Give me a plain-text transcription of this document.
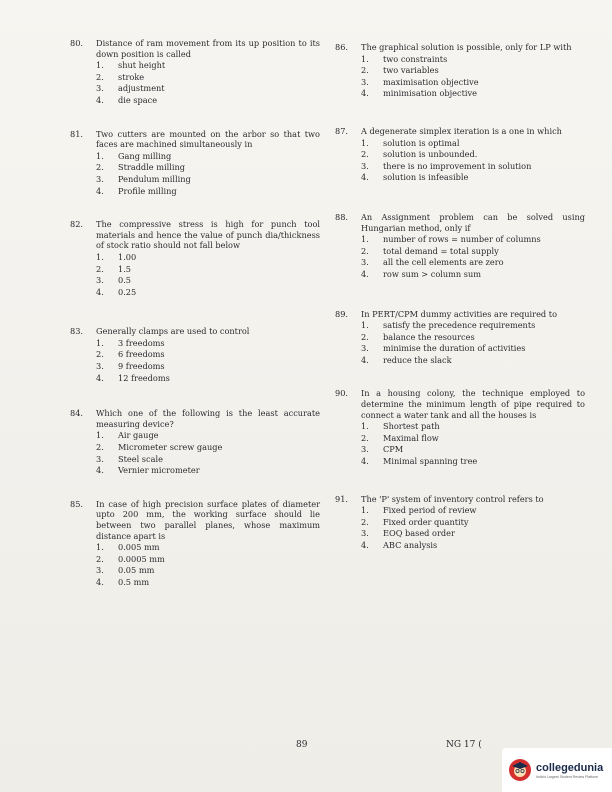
80.	Distance of ram movement from its up position to its down position is called
1.	shut height
2.	stroke
3.	adjustment
4.	die space
81.	Two cutters are mounted on the arbor so that two faces are machined simultaneously in
1.	Gang milling
2.	Straddle milling
3.	Pendulum milling
4.	Profile milling
82.	The compressive stress is high for punch tool materials and hence the value of punch dia/thickness of stock ratio should not fall below
1.	1.00
2.	1.5
3.	0.5
4.	0.25
83.	Generally clamps are used to control
1.	3 freedoms
2.	6 freedoms
3.	9 freedoms
4.	12 freedoms
84.	Which one of the following is the least accurate measuring device?
1.	Air gauge
2.	Micrometer screw gauge
3.	Steel scale
4.	Vernier micrometer
85.	In case of high precision surface plates of diameter upto 200 mm, the working surface should lie between two parallel planes, whose maximum distance apart is
1.	0.005 mm
2.	0.0005 mm
3.	0.05 mm
4.	0.5 mm
86.	The graphical solution is possible, only for LP with
1.	two constraints
2.	two variables
3.	maximisation objective
4.	minimisation objective
87.	A degenerate simplex iteration is a one in which
1.	solution is optimal
2.	solution is unbounded.
3.	there is no improvement in solution
4.	solution is infeasible
88.	An Assignment problem can be solved using Hungarian method, only if
1.	number of rows = number of columns
2.	total demand = total supply
3.	all the cell elements are zero
4.	row sum > column sum
89.	In PERT/CPM dummy activities are required to
1.	satisfy the precedence requirements
2.	balance the resources
3.	minimise the duration of activities
4.	reduce the slack
90.	In a housing colony, the technique employed to determine the minimum length of pipe required to connect a water tank and all the houses is
1.	Shortest path
2.	Maximal flow
3.	CPM
4.	Minimal spanning tree
91.	The 'P' system of inventory control refers to
1.	Fixed period of review
2.	Fixed order quantity
3.	EOQ based order
4.	ABC analysis
89	NG 17 (
collegedunia
India's Largest Student Review Platform
